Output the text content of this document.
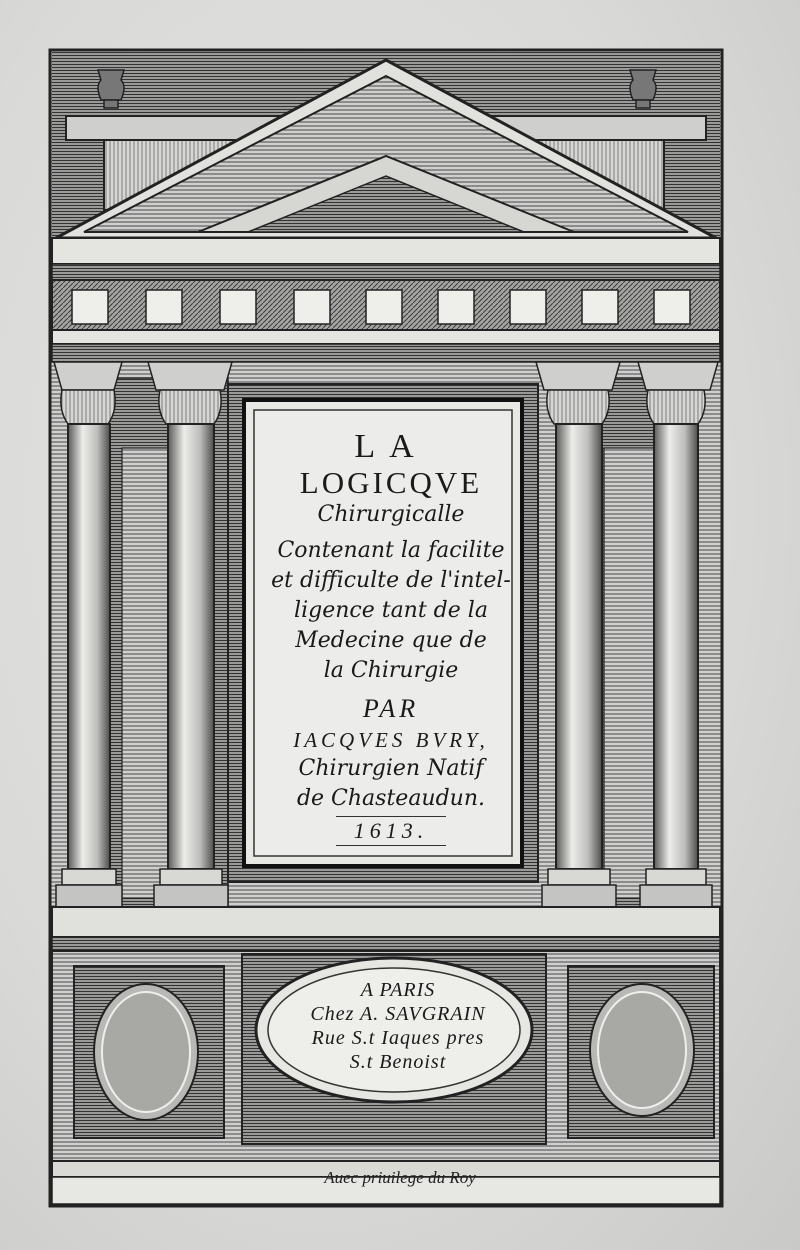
LA
LOGICQVE
Chirurgicalle
Contenant la facilite
et difficulte de l'intel-
ligence tant de la
Medecine que de
la Chirurgie
PAR
IACQVES BVRY,
Chirurgien Natif
de Chasteaudun.
1613.
A PARIS
Chez A. SAVGRAIN
Rue S.t Iaques pres
S.t Benoist
Auec priuilege du Roy
